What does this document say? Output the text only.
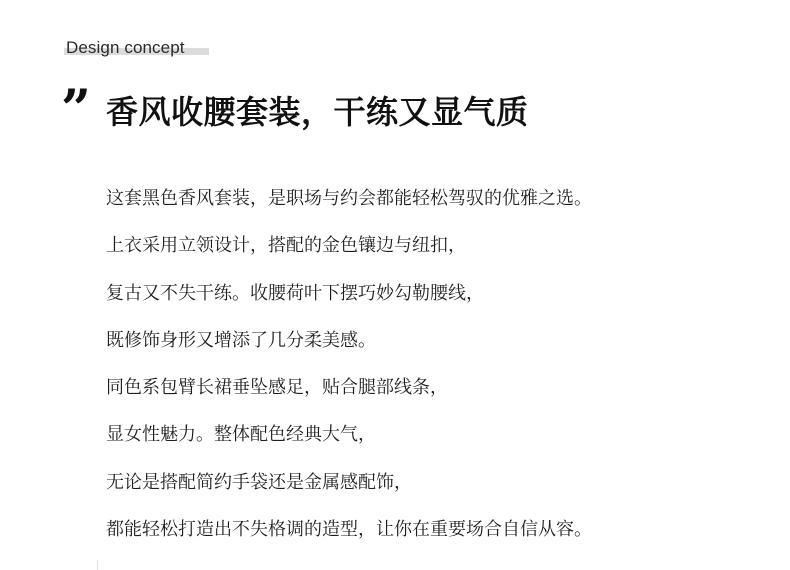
Design concept
” 香风收腰套装，干练又显气质
这套黑色香风套装，是职场与约会都能轻松驾驭的优雅之选。
上衣采用立领设计，搭配的金色镶边与纽扣，
复古又不失干练。收腰荷叶下摆巧妙勾勒腰线，
既修饰身形又增添了几分柔美感。
同色系包臂长裙垂坠感足，贴合腿部线条，
显女性魅力。整体配色经典大气，
无论是搭配简约手袋还是金属感配饰，
都能轻松打造出不失格调的造型，让你在重要场合自信从容。
